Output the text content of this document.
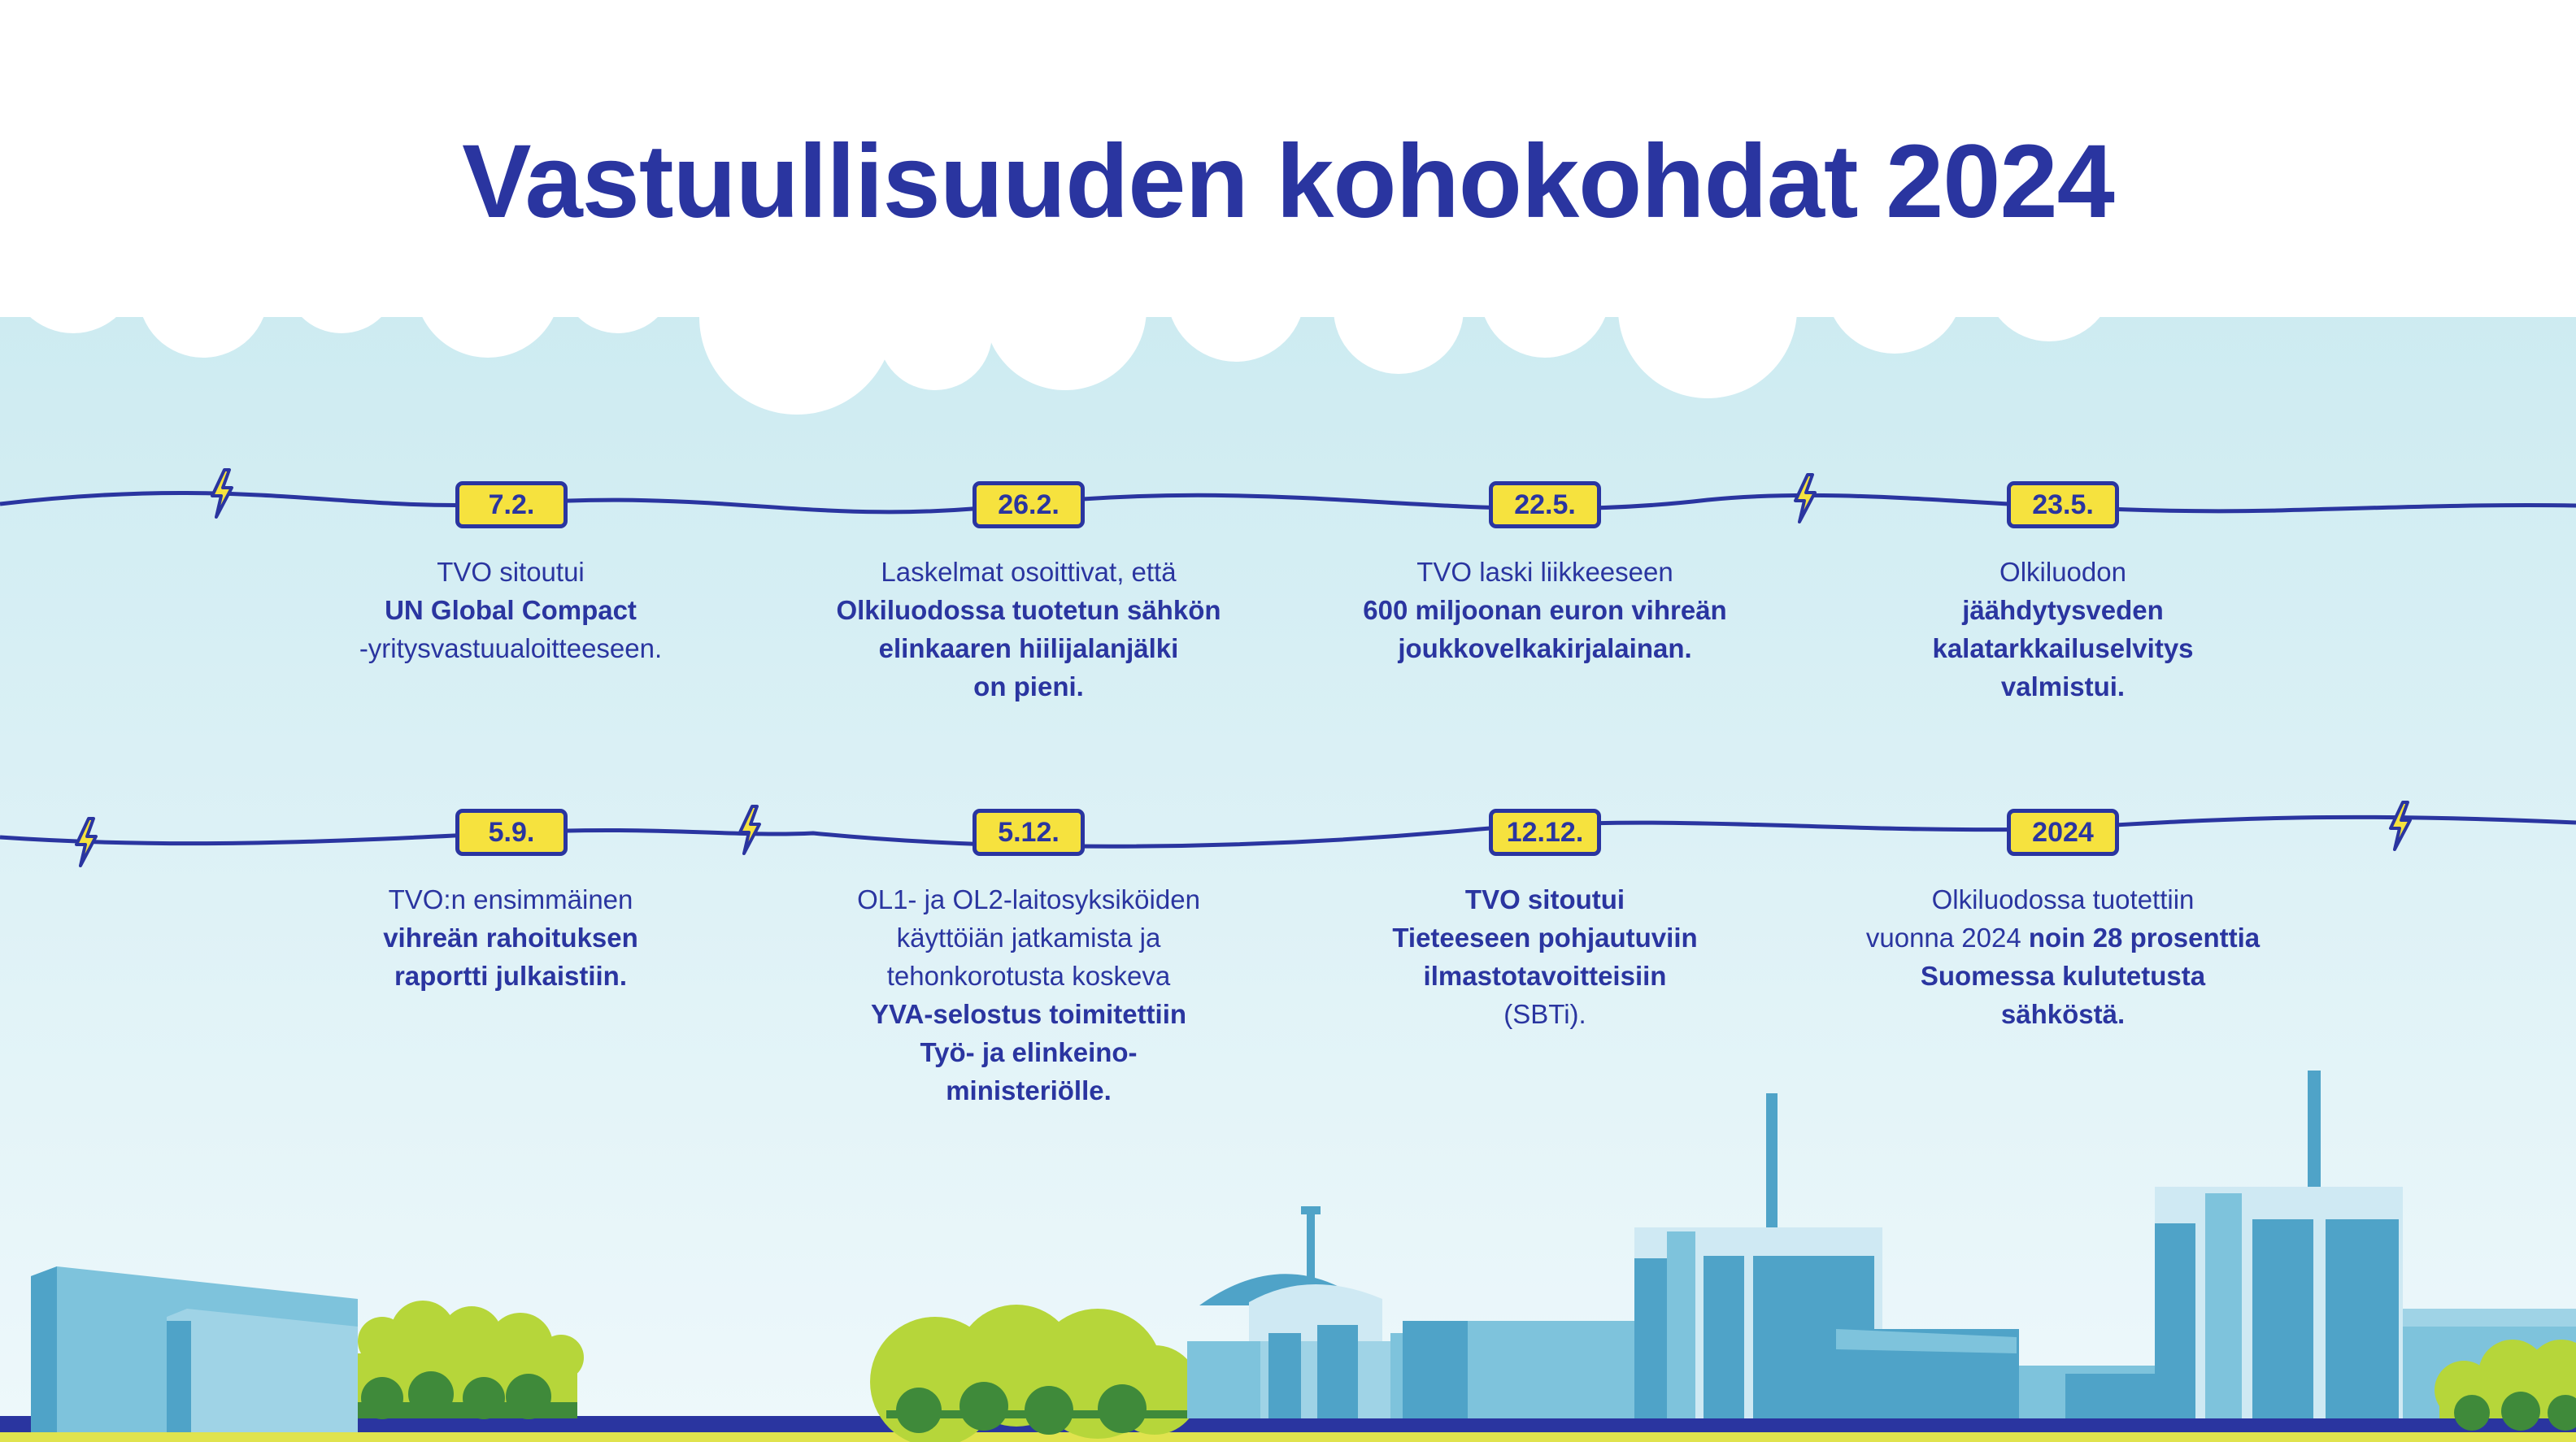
Vastuullisuuden kohokohdat 2024
7.2.	26.2.	22.5.	23.5.
TVO sitoutui
UN Global Compact
-yritysvastuualoitteeseen.
Laskelmat osoittivat, että
Olkiluodossa tuotetun sähkön
elinkaaren hiilijalanjälki
on pieni.
TVO laski liikkeeseen
600 miljoonan euron vihreän
joukkovelkakirjalainan.
Olkiluodon
jäähdytysveden
kalatarkkailuselvitys
valmistui.
5.9.	5.12.	12.12.	2024
TVO:n ensimmäinen
vihreän rahoituksen
raportti julkaistiin.
OL1- ja OL2-laitosyksiköiden
käyttöiän jatkamista ja
tehonkorotusta koskeva
YVA-selostus toimitettiin
Työ- ja elinkeino-
ministeriölle.
TVO sitoutui
Tieteeseen pohjautuviin
ilmastotavoitteisiin
(SBTi).
Olkiluodossa tuotettiin
vuonna 2024 noin 28 prosenttia
Suomessa kulutetusta
sähköstä.
